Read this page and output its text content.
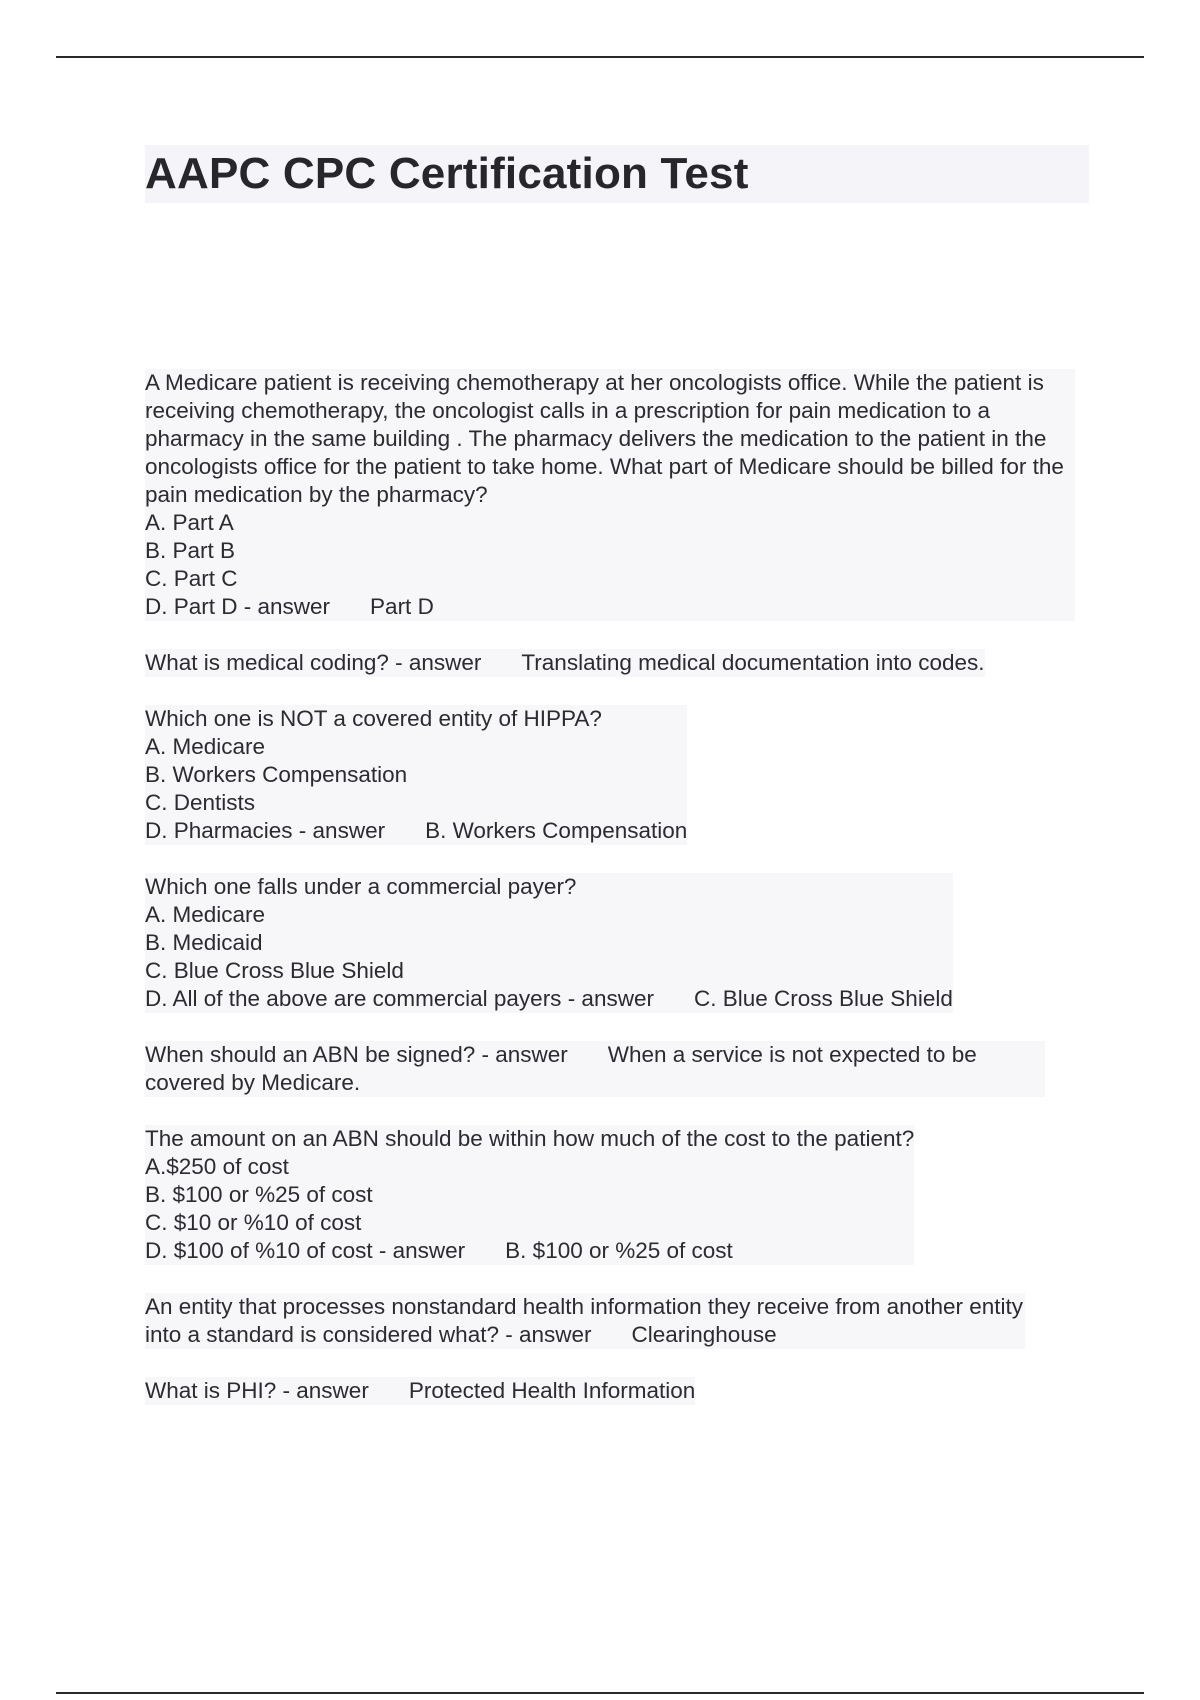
AAPC CPC Certification Test
A Medicare patient is receiving chemotherapy at her oncologists office. While the patient is receiving chemotherapy, the oncologist calls in a prescription for pain medication to a pharmacy in the same building . The pharmacy delivers the medication to the patient in the oncologists office for the patient to take home. What part of Medicare should be billed for the pain medication by the pharmacy?
A. Part A
B. Part B
C. Part C
D. Part D - answer Part D
What is medical coding? - answer Translating medical documentation into codes.
Which one is NOT a covered entity of HIPPA?
A. Medicare
B. Workers Compensation
C. Dentists
D. Pharmacies - answer B. Workers Compensation
Which one falls under a commercial payer?
A. Medicare
B. Medicaid
C. Blue Cross Blue Shield
D. All of the above are commercial payers - answer C. Blue Cross Blue Shield
When should an ABN be signed? - answer When a service is not expected to be covered by Medicare.
The amount on an ABN should be within how much of the cost to the patient?
A.$250 of cost
B. $100 or %25 of cost
C. $10 or %10 of cost
D. $100 of %10 of cost - answer B. $100 or %25 of cost
An entity that processes nonstandard health information they receive from another entity into a standard is considered what? - answer Clearinghouse
What is PHI? - answer Protected Health Information
